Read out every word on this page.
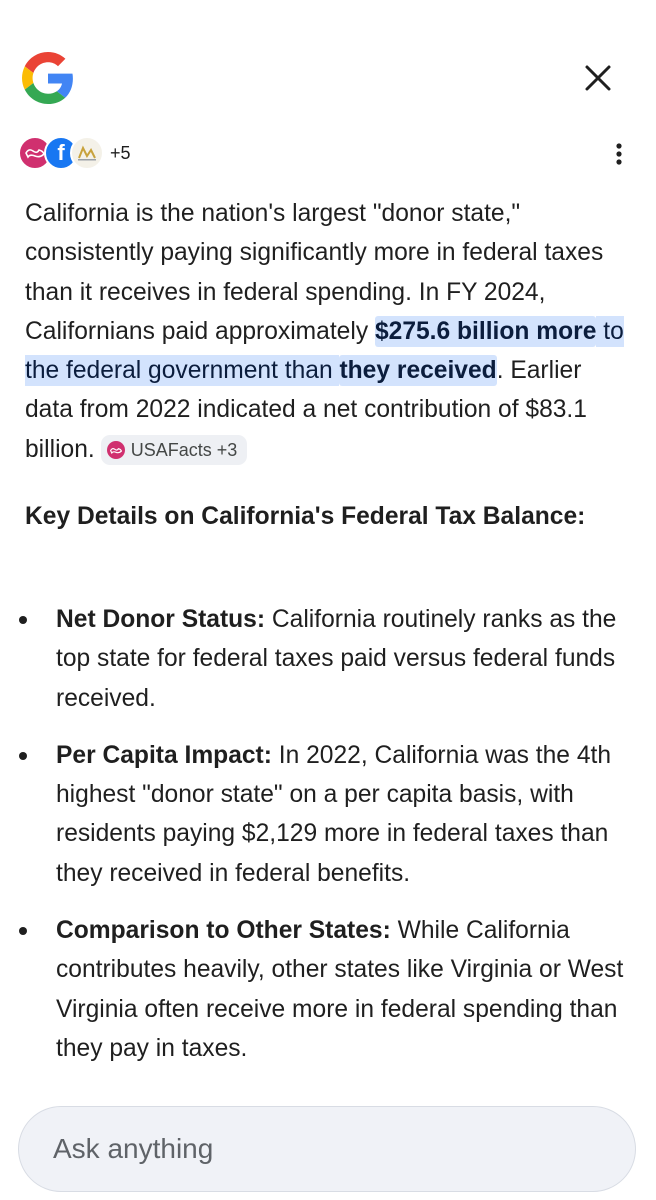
f	+5

California is the nation's largest "donor state," consistently paying significantly more in federal taxes than it receives in federal spending. In FY 2024, Californians paid approximately $275.6 billion more to the federal government than they received. Earlier data from 2022 indicated a net contribution of $83.1 billion. USAFacts +3

Key Details on California's Federal Tax Balance:
Net Donor Status: California routinely ranks as the top state for federal taxes paid versus federal funds received.
Per Capita Impact: In 2022, California was the 4th highest "donor state" on a per capita basis, with residents paying $2,129 more in federal taxes than they received in federal benefits.
Comparison to Other States: While California contributes heavily, other states like Virginia or West Virginia often receive more in federal spending than they pay in taxes.
Ask anything
